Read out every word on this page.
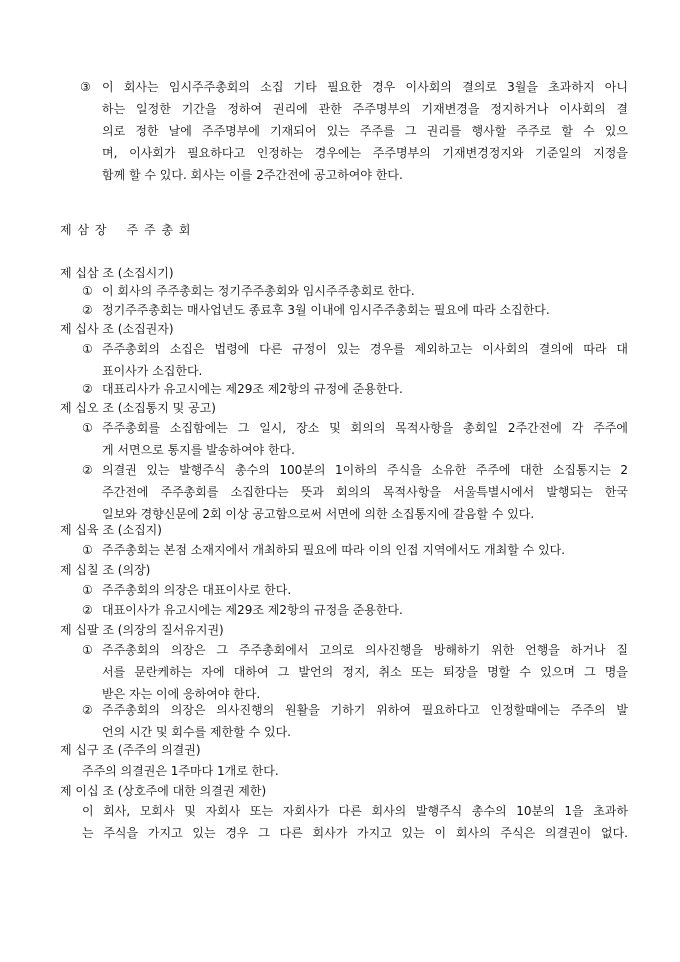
③ 이 회사는 임시주주총회의 소집 기타 필요한 경우 이사회의 결의로 3월을 초과하지 아니
하는 일정한 기간을 정하여 권리에 관한 주주명부의 기재변경을 정지하거나 이사회의 결
의로 정한 날에 주주명부에 기재되어 있는 주주를 그 권리를 행사할 주주로 할 수 있으
며, 이사회가 필요하다고 인정하는 경우에는 주주명부의 기재변경정지와 기준일의 지정을
함께 할 수 있다. 회사는 이를 2주간전에 공고하여야 한다.
제 삼 장    주 주 총 회
제 십삼 조 (소집시기)
① 이 회사의 주주총회는 정기주주총회와 임시주주총회로 한다.
② 정기주주총회는 매사업년도 종료후 3월 이내에 임시주주총회는 필요에 따라 소집한다.
제 십사 조 (소집권자)
① 주주총회의 소집은 법령에 다른 규정이 있는 경우를 제외하고는 이사회의 결의에 따라 대
표이사가 소집한다.
② 대표리사가 유고시에는 제29조 제2항의 규정에 준용한다.
제 십오 조 (소집통지 및 공고)
① 주주총회를 소집함에는 그 일시, 장소 및 회의의 목적사항을 총회일 2주간전에 각 주주에
게 서면으로 통지를 발송하여야 한다.
② 의결권 있는 발행주식 총수의 100분의 1이하의 주식을 소유한 주주에 대한 소집통지는 2
주간전에 주주총회를 소집한다는 뜻과 회의의 목적사항을 서울특별시에서 발행되는 한국
일보와 경향신문에 2회 이상 공고함으로써 서면에 의한 소집통지에 갈음할 수 있다.
제 십육 조 (소집지)
① 주주총회는 본점 소재지에서 개최하되 필요에 따라 이의 인접 지역에서도 개최할 수 있다.
제 십칠 조 (의장)
① 주주총회의 의장은 대표이사로 한다.
② 대표이사가 유고시에는 제29조 제2항의 규정을 준용한다.
제 십팔 조 (의장의 질서유지권)
① 주주총회의 의장은 그 주주총회에서 고의로 의사진행을 방해하기 위한 언행을 하거나 질
서를 문란케하는 자에 대하여 그 발언의 정지, 취소 또는 퇴장을 명할 수 있으며 그 명을
받은 자는 이에 응하여야 한다.
② 주주총회의 의장은 의사진행의 원활을 기하기 위하여 필요하다고 인정할때에는 주주의 발
언의 시간 및 회수를 제한할 수 있다.
제 십구 조 (주주의 의결권)
주주의 의결권은 1주마다 1개로 한다.
제 이십 조 (상호주에 대한 의결권 제한)
이 회사, 모회사 및 자회사 또는 자회사가 다른 회사의 발행주식 총수의 10분의 1을 초과하
는 주식을 가지고 있는 경우 그 다른 회사가 가지고 있는 이 회사의 주식은 의결권이 없다.
